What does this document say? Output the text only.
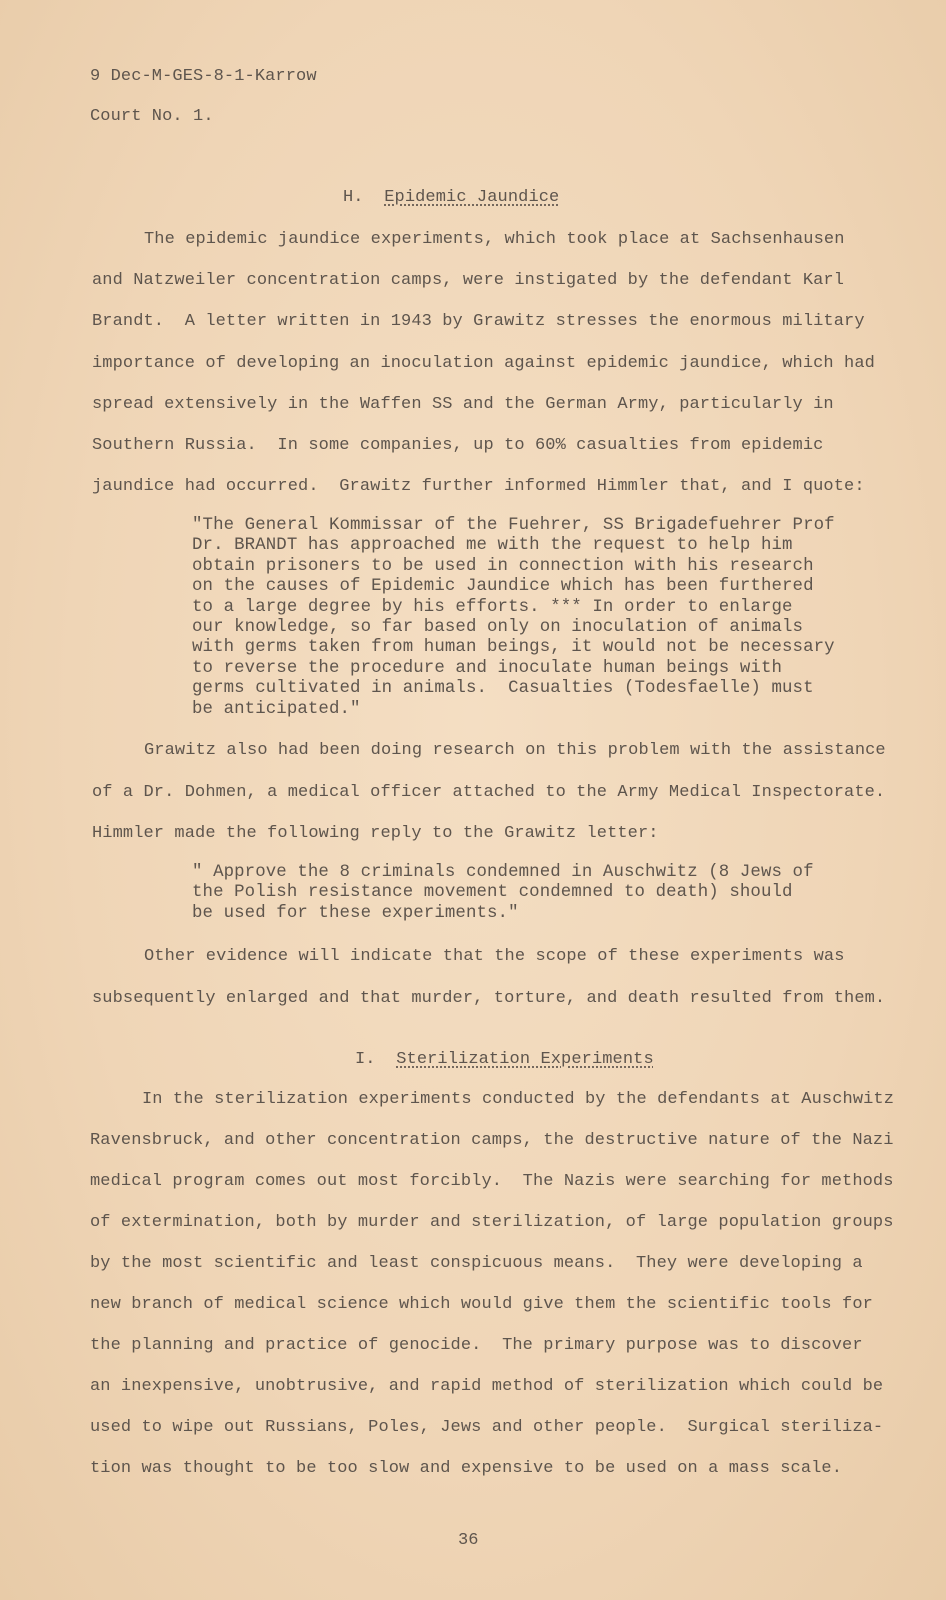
9 Dec-M-GES-8-1-Karrow
Court No. 1.
H. Epidemic Jaundice
The epidemic jaundice experiments, which took place at Sachsenhausen
and Natzweiler concentration camps, were instigated by the defendant Karl
Brandt.  A letter written in 1943 by Grawitz stresses the enormous military
importance of developing an inoculation against epidemic jaundice, which had
spread extensively in the Waffen SS and the German Army, particularly in
Southern Russia.  In some companies, up to 60% casualties from epidemic
jaundice had occurred.  Grawitz further informed Himmler that, and I quote:
"The General Kommissar of the Fuehrer, SS Brigadefuehrer Prof
Dr. BRANDT has approached me with the request to help him
obtain prisoners to be used in connection with his research
on the causes of Epidemic Jaundice which has been furthered
to a large degree by his efforts. *** In order to enlarge
our knowledge, so far based only on inoculation of animals
with germs taken from human beings, it would not be necessary
to reverse the procedure and inoculate human beings with
germs cultivated in animals.  Casualties (Todesfaelle) must
be anticipated."
Grawitz also had been doing research on this problem with the assistance
of a Dr. Dohmen, a medical officer attached to the Army Medical Inspectorate.
Himmler made the following reply to the Grawitz letter:
" Approve the 8 criminals condemned in Auschwitz (8 Jews of
the Polish resistance movement condemned to death) should
be used for these experiments."
Other evidence will indicate that the scope of these experiments was
subsequently enlarged and that murder, torture, and death resulted from them.
I. Sterilization Experiments
In the sterilization experiments conducted by the defendants at Auschwitz
Ravensbruck, and other concentration camps, the destructive nature of the Nazi
medical program comes out most forcibly.  The Nazis were searching for methods
of extermination, both by murder and sterilization, of large population groups
by the most scientific and least conspicuous means.  They were developing a
new branch of medical science which would give them the scientific tools for
the planning and practice of genocide.  The primary purpose was to discover
an inexpensive, unobtrusive, and rapid method of sterilization which could be
used to wipe out Russians, Poles, Jews and other people.  Surgical steriliza-
tion was thought to be too slow and expensive to be used on a mass scale.
36
